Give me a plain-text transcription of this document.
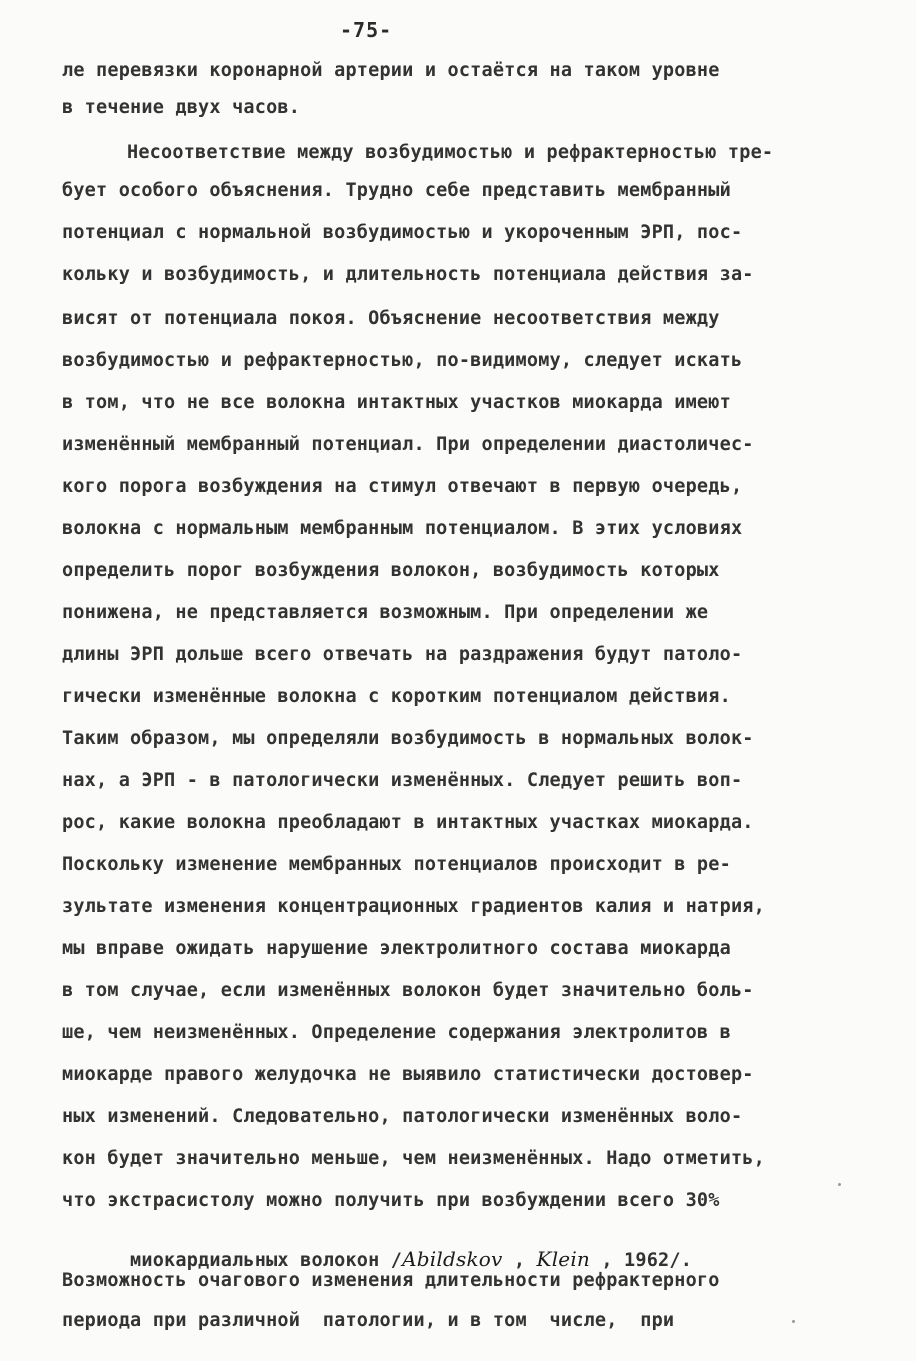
-75-
ле перевязки коронарной артерии и остаётся на таком уровне
в течение двух часов.
Несоответствие между возбудимостью и рефрактерностью тре-
бует особого объяснения. Трудно себе представить мембранный
потенциал с нормальной возбудимостью и укороченным ЭРП, пос-
кольку и возбудимость, и длительность потенциала действия за-
висят от потенциала покоя. Объяснение несоответствия между
возбудимостью и рефрактерностью, по-видимому, следует искать
в том, что не все волокна интактных участков миокарда имеют
изменённый мембранный потенциал. При определении диастоличес-
кого порога возбуждения на стимул отвечают в первую очередь,
волокна с нормальным мембранным потенциалом. В этих условиях
определить порог возбуждения волокон, возбудимость которых
понижена, не представляется возможным. При определении же
длины ЭРП дольше всего отвечать на раздражения будут патоло-
гически изменённые волокна с коротким потенциалом действия.
Таким образом, мы определяли возбудимость в нормальных волок-
нах, а ЭРП - в патологически изменённых. Следует решить воп-
рос, какие волокна преобладают в интактных участках миокарда.
Поскольку изменение мембранных потенциалов происходит в ре-
зультате изменения концентрационных градиентов калия и натрия,
мы вправе ожидать нарушение электролитного состава миокарда
в том случае, если изменённых волокон будет значительно боль-
ше, чем неизменённых. Определение содержания электролитов в
миокарде правого желудочка не выявило статистически достовер-
ных изменений. Следовательно, патологически изменённых воло-
кон будет значительно меньше, чем неизменённых. Надо отметить,
что экстрасистолу можно получить при возбуждении всего 30%

миокардиальных волокон /Abildskov , Klein , 1962/.

Возможность очагового изменения длительности рефрактерного
периода при различной  патологии, и в том  числе,  при
